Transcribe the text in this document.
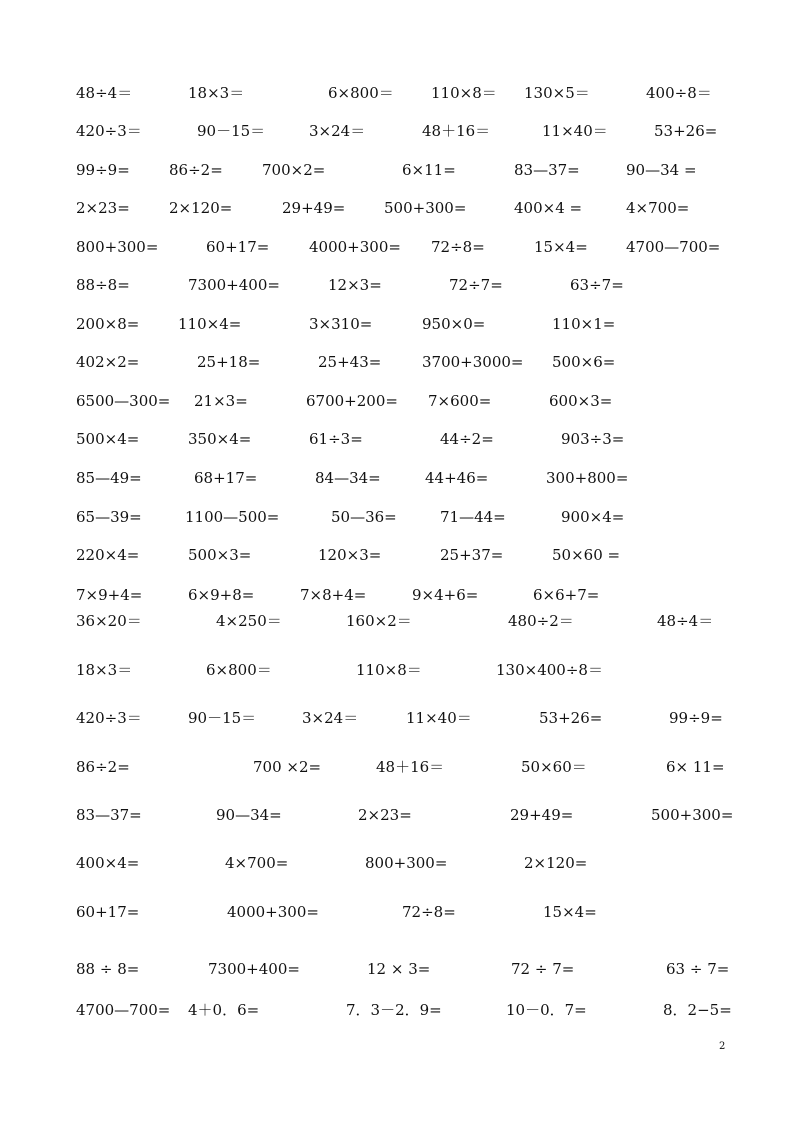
48÷4＝	18×3＝	6×800＝ 110×8＝ 130×5＝	400÷8＝
420÷3＝	90－15＝	3×24＝	48＋16＝	11×40＝	53+26=
99÷9=	86÷2=	700×2=	6×11=	83—37=	90—34 =
2×23=	2×120=	29+49=	500+300=	400×4 =	4×700=
800+300=	60+17=	4000+300= 72÷8=	15×4=	4700—700=
88÷8=	7300+400=	12×3=	72÷7=	63÷7=
200×8=	110×4=	3×310=	950×0=	110×1=
402×2=	25+18=	25+43=	3700+3000= 500×6=
6500—300= 21×3=	6700+200= 7×600=	600×3=
500×4=	350×4=	61÷3=	44÷2=	903÷3=
85—49=	68+17=	84—34=	44+46=	300+800=
65—39=	1100—500=	50—36=	71—44=	900×4=
220×4=	500×3=	120×3=	25+37=	50×60 =
7×9+4=	6×9+8=	7×8+4=	9×4+6=	6×6+7=
36×20＝	4×250＝	160×2＝	480÷2＝	48÷4＝
18×3＝	6×800＝	110×8＝	130×400÷8＝
420÷3＝	90－15＝	3×24＝	11×40＝	53+26=	99÷9=
86÷2=	700 ×2=	48＋16＝	50×60＝	6× 11=
83—37=	90—34=	2×23=	29+49=	500+300=
400×4=	4×700=	800+300=	2×120=
60+17=	4000+300=	72÷8=	15×4=
88 ÷ 8=	7300+400=	12 × 3=	72 ÷ 7=	63 ÷ 7=
4700—700= 4＋0．6=	7．3－2．9=	10－0．7=	8．2−5=
2
